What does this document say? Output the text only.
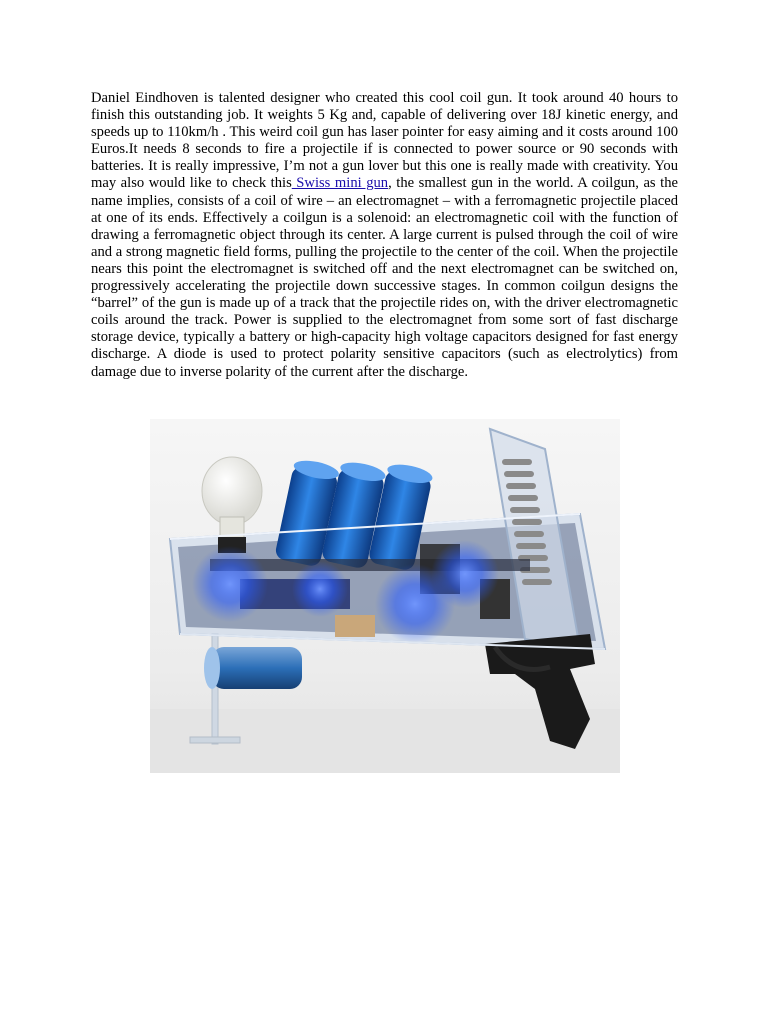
Daniel Eindhoven is talented designer who created this cool coil gun. It took around 40 hours to finish this outstanding job. It weights 5 Kg and, capable of delivering over 18J kinetic energy, and speeds up to 110km/h . This weird coil gun has laser pointer for easy aiming and it costs around 100 Euros.It needs 8 seconds to fire a projectile if is connected to power source or 90 seconds with batteries. It is really impressive, I’m not a gun lover but this one is really made with creativity. You may also would like to check this Swiss mini gun, the smallest gun in the world. A coilgun, as the name implies, consists of a coil of wire – an electromagnet – with a ferromagnetic projectile placed at one of its ends. Effectively a coilgun is a solenoid: an electromagnetic coil with the function of drawing a ferromagnetic object through its center. A large current is pulsed through the coil of wire and a strong magnetic field forms, pulling the projectile to the center of the coil. When the projectile nears this point the electromagnet is switched off and the next electromagnet can be switched on, progressively accelerating the projectile down successive stages. In common coilgun designs the “barrel” of the gun is made up of a track that the projectile rides on, with the driver electromagnetic coils around the track. Power is supplied to the electromagnet from some sort of fast discharge storage device, typically a battery or high-capacity high voltage capacitors designed for fast energy discharge. A diode is used to protect polarity sensitive capacitors (such as electrolytics) from damage due to inverse polarity of the current after the discharge.
